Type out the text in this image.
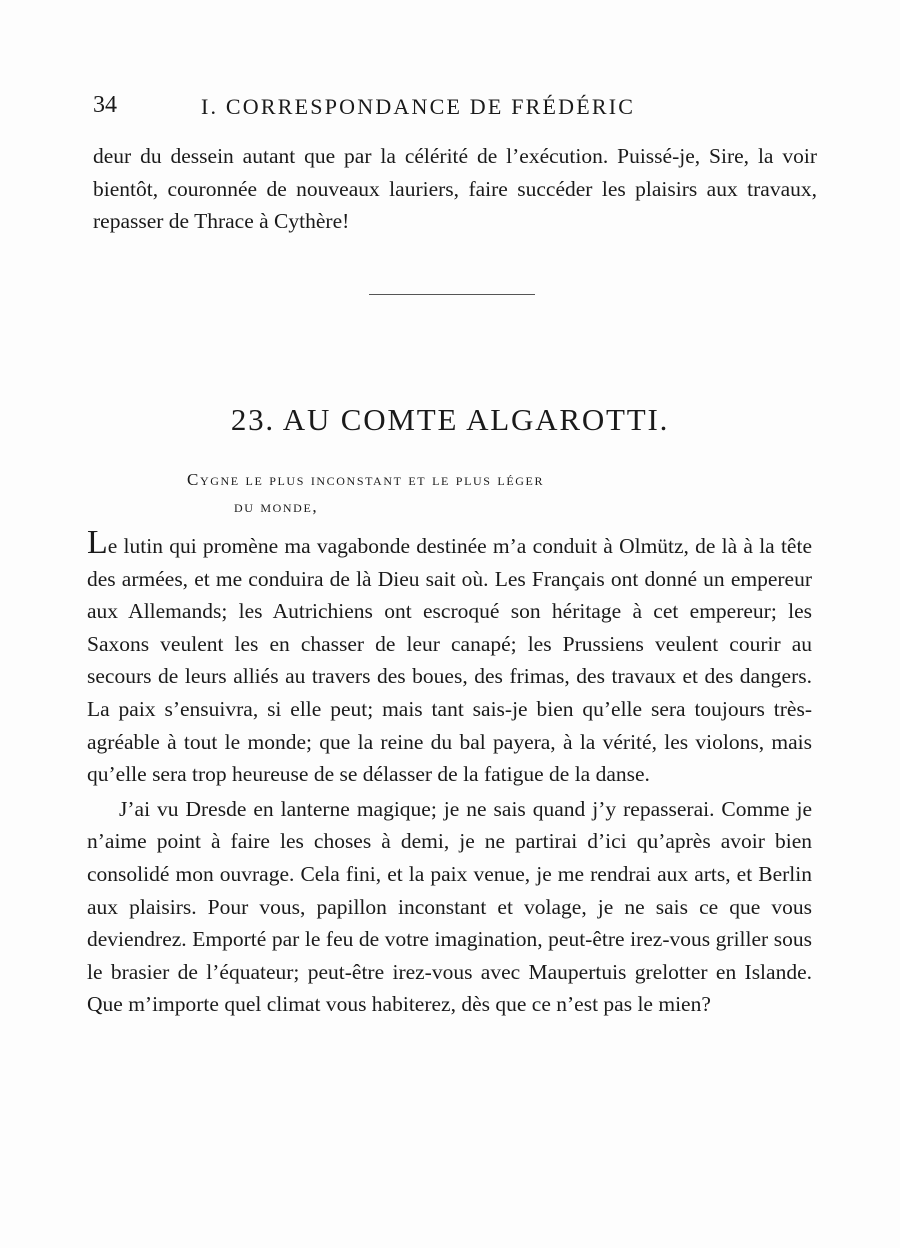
34	I. CORRESPONDANCE DE FRÉDÉRIC

deur du dessein autant que par la célérité de l’exécution. Puissé-je, Sire, la voir bientôt, couronnée de nouveaux lauriers, faire succéder les plaisirs aux travaux, repasser de Thrace à Cythère!

23. AU COMTE ALGAROTTI.
Cygne le plus inconstant et le plus léger
du monde,

Le lutin qui promène ma vagabonde destinée m’a conduit à Olmütz, de là à la tête des armées, et me conduira de là Dieu sait où. Les Français ont donné un empereur aux Allemands; les Autrichiens ont escroqué son héritage à cet empereur; les Saxons veulent les en chasser de leur canapé; les Prussiens veulent courir au secours de leurs alliés au travers des boues, des frimas, des travaux et des dangers. La paix s’ensuivra, si elle peut; mais tant sais-je bien qu’elle sera toujours très-agréable à tout le monde; que la reine du bal payera, à la vérité, les violons, mais qu’elle sera trop heureuse de se délasser de la fatigue de la danse.

J’ai vu Dresde en lanterne magique; je ne sais quand j’y repasserai. Comme je n’aime point à faire les choses à demi, je ne partirai d’ici qu’après avoir bien consolidé mon ouvrage. Cela fini, et la paix venue, je me rendrai aux arts, et Berlin aux plaisirs. Pour vous, papillon inconstant et volage, je ne sais ce que vous deviendrez. Emporté par le feu de votre imagination, peut-être irez-vous griller sous le brasier de l’équateur; peut-être irez-vous avec Maupertuis grelotter en Islande. Que m’importe quel climat vous habiterez, dès que ce n’est pas le mien?
